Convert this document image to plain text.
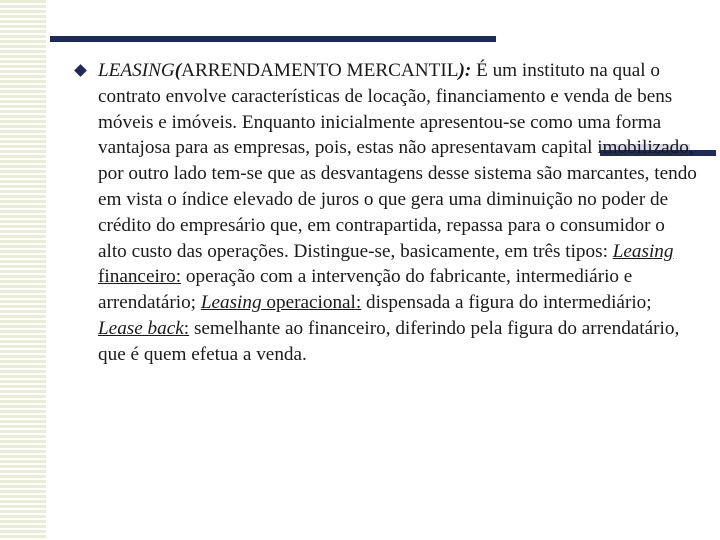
LEASING(ARRENDAMENTO MERCANTIL): É um instituto na qual o contrato envolve características de locação, financiamento e venda de bens móveis e imóveis. Enquanto inicialmente apresentou-se como uma forma vantajosa para as empresas, pois, estas não apresentavam capital imobilizado, por outro lado tem-se que as desvantagens desse sistema são marcantes, tendo em vista o índice elevado de juros o que gera uma diminuição no poder de crédito do empresário que, em contrapartida, repassa para o consumidor o alto custo das operações. Distingue-se, basicamente, em três tipos: Leasing financeiro: operação com a intervenção do fabricante, intermediário e arrendatário; Leasing operacional: dispensada a figura do intermediário; Lease back: semelhante ao financeiro, diferindo pela figura do arrendatário, que é quem efetua a venda.
